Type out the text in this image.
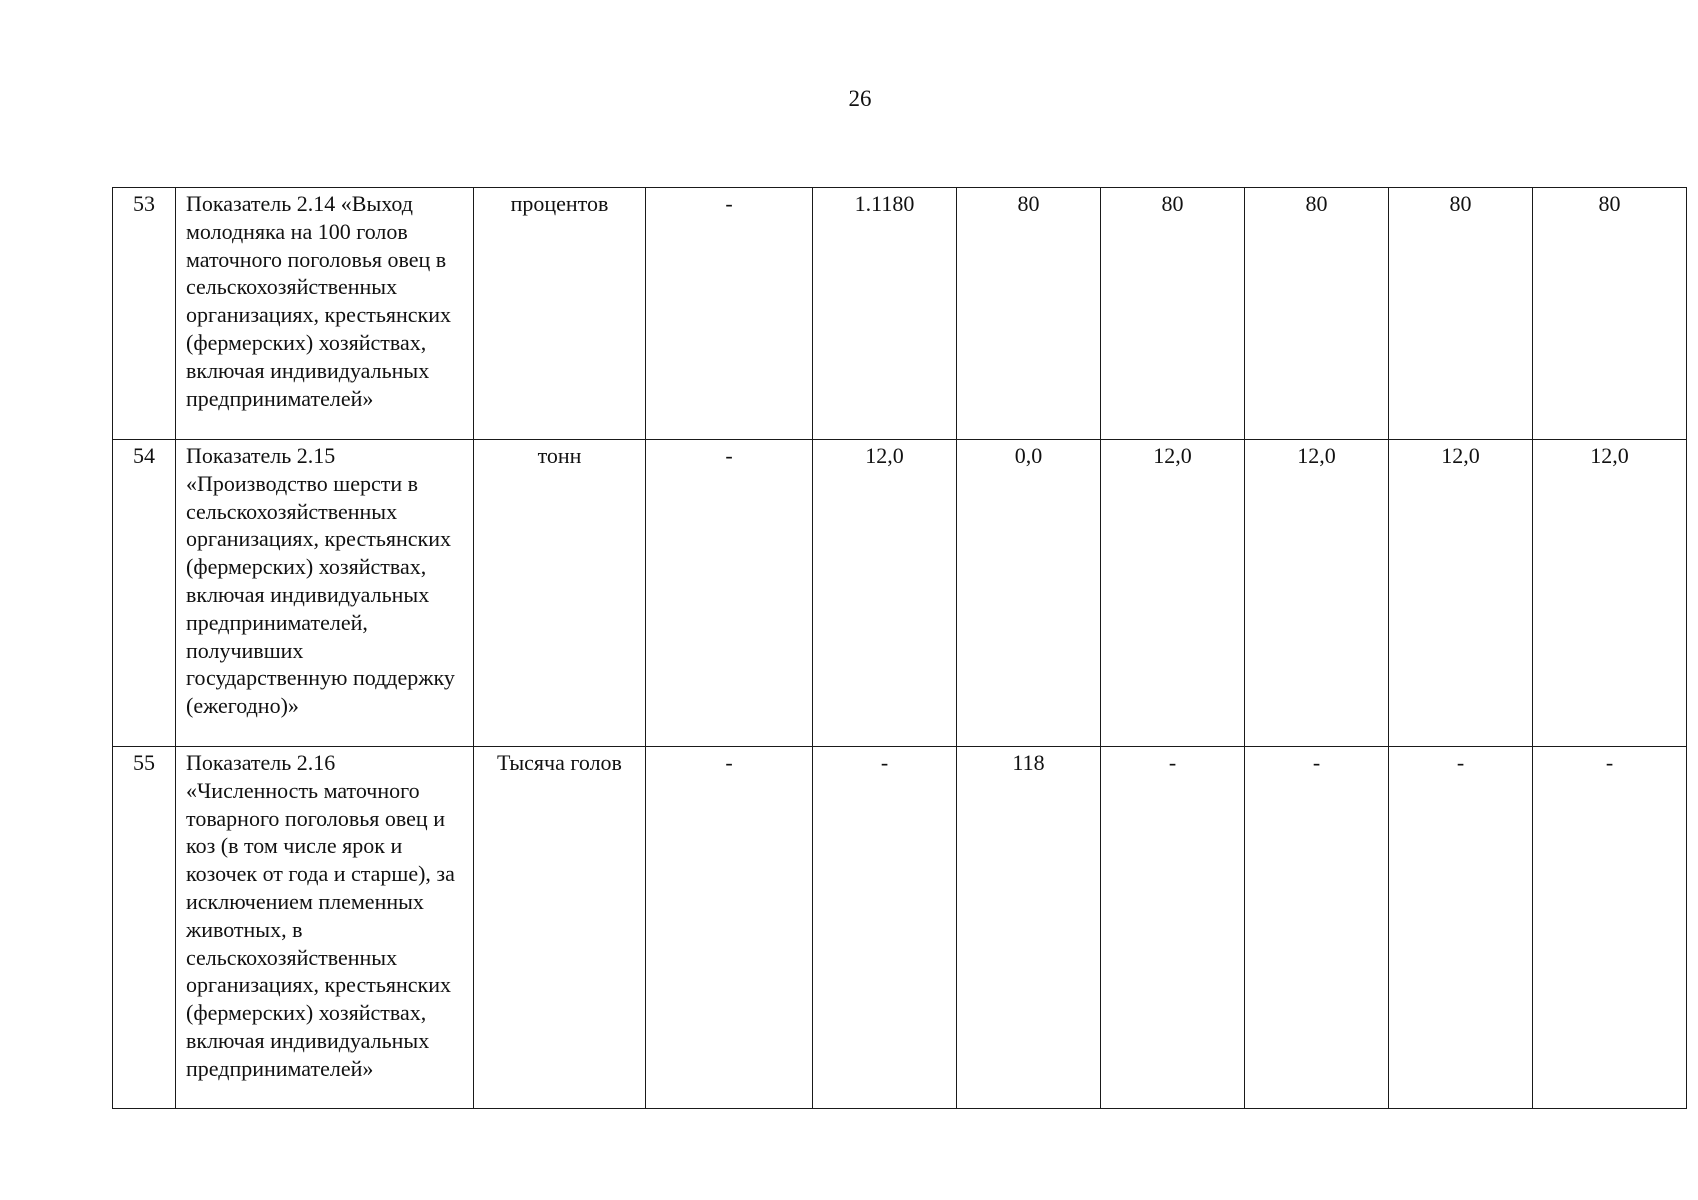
26
53	Показатель 2.14 «Выход молодняка на 100 голов маточного поголовья овец в сельскохозяйственных организациях, крестьянских (фермерских) хозяйствах, включая индивидуальных предпринимателей»	процентов	-	1.1180	80	80	80	80	80
54	Показатель 2.15 «Производство шерсти в сельскохозяйственных организациях, крестьянских (фермерских) хозяйствах, включая индивидуальных предпринимателей, получивших государственную поддержку (ежегодно)»	тонн	-	12,0	0,0	12,0	12,0	12,0	12,0
55	Показатель 2.16 «Численность маточного товарного поголовья овец и коз (в том числе ярок и козочек от года и старше), за исключением племенных животных, в сельскохозяйственных организациях, крестьянских (фермерских) хозяйствах, включая индивидуальных предпринимателей»	Тысяча голов	-	-	118	-	-	-	-
